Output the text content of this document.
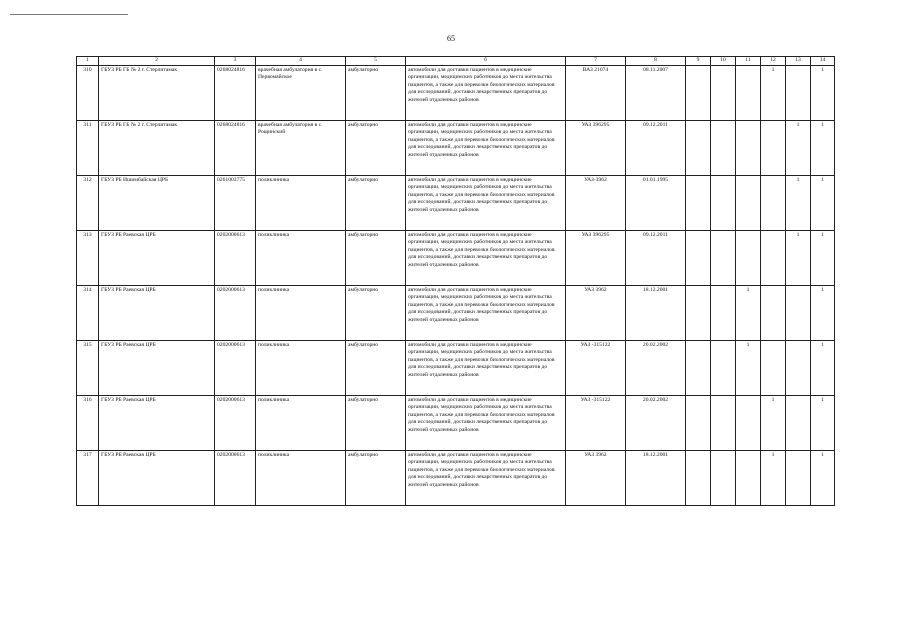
65
1	2	3	4	5	6	7	8	9	10	11	12	13	14
310	ГБУЗ РБ ГБ № 2 г. Стерлитамак	0268024816	врачебная амбулатория в с. Первомайское	амбулаторно	автомобили для доставки пациентов в медицинские организации, медицинских работников до места жительства пациентов, а также для перевозки биологических материалов для исследований, доставки лекарственных препаратов до жителей отдаленных районов	ВАЗ 21074	08.11.2007				1		1
311	ГБУЗ РБ ГБ № 2 г. Стерлитамак	0268024816	врачебная амбулатория в с. Рощинский	амбулаторно	автомобили для доставки пациентов в медицинские организации, медицинских работников до места жительства пациентов, а также для перевозки биологических материалов для исследований, доставки лекарственных препаратов до жителей отдаленных районов	УАЗ 396295	09.12.2011					1	1
312	ГБУЗ РБ Ишимбайская ЦРБ	0261003775	поликлиника	амбулаторно	автомобили для доставки пациентов в медицинские организации, медицинских работников до места жительства пациентов, а также для перевозки биологических материалов для исследований, доставки лекарственных препаратов до жителей отдаленных районов	УАЗ-3962	01.01.1995					1	1
313	ГБУЗ РБ Раевская ЦРБ	0202000613	поликлиника	амбулаторно	автомобили для доставки пациентов в медицинские организации, медицинских работников до места жительства пациентов, а также для перевозки биологических материалов для исследований, доставки лекарственных препаратов до жителей отдаленных районов	УАЗ 396295	09.12.2011					1	1
314	ГБУЗ РБ Раевская ЦРБ	0202000613	поликлиника	амбулаторно	автомобили для доставки пациентов в медицинские организации, медицинских работников до места жительства пациентов, а также для перевозки биологических материалов для исследований, доставки лекарственных препаратов до жителей отдаленных районов	УАЗ 3962	18.12.2001			1			1
315	ГБУЗ РБ Раевская ЦРБ	0202000613	поликлиника	амбулаторно	автомобили для доставки пациентов в медицинские организации, медицинских работников до места жительства пациентов, а также для перевозки биологических материалов для исследований, доставки лекарственных препаратов до жителей отдаленных районов	УАЗ -315122	20.02.2002			1			1
316	ГБУЗ РБ Раевская ЦРБ	0202000613	поликлиника	амбулаторно	автомобили для доставки пациентов в медицинские организации, медицинских работников до места жительства пациентов, а также для перевозки биологических материалов для исследований, доставки лекарственных препаратов до жителей отдаленных районов	УАЗ -315122	20.02.2002				1		1
317	ГБУЗ РБ Раевская ЦРБ	0202000613	поликлиника	амбулаторно	автомобили для доставки пациентов в медицинские организации, медицинских работников до места жительства пациентов, а также для перевозки биологических материалов для исследований, доставки лекарственных препаратов до жителей отдаленных районов	УАЗ 3962	18.12.2001				1		1
